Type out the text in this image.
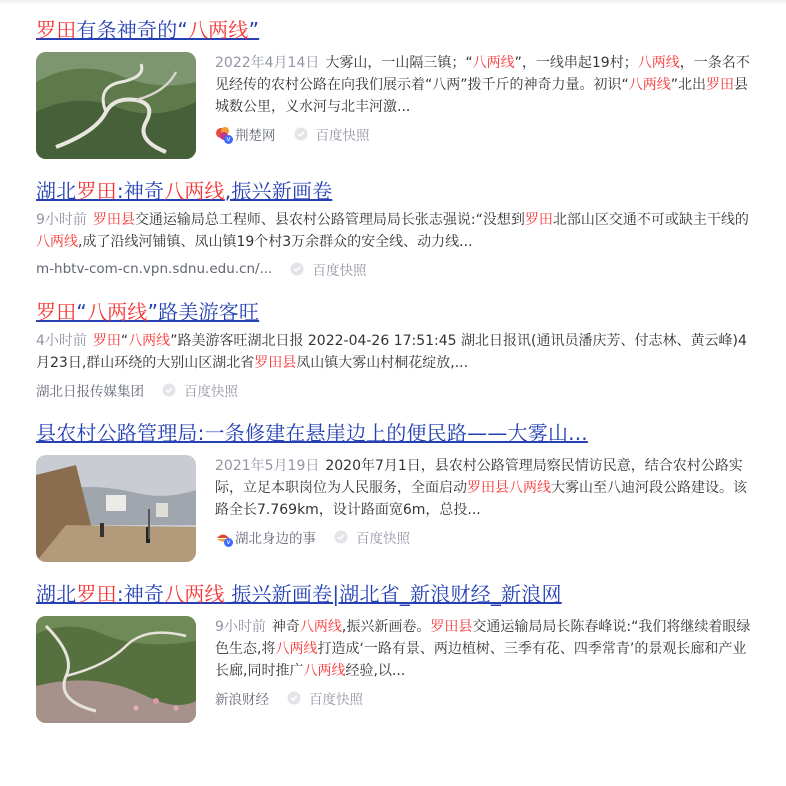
罗田有条神奇的“八两线”
2022年4月14日 大雾山，一山隔三镇；“八两线”，一线串起19村；八两线，一条名不见经传的农村公路在向我们展示着“八两”拨千斤的神奇力量。初识“八两线”北出罗田县城数公里，义水河与北丰河激...
v 荆楚网	百度快照
湖北罗田:神奇八两线,振兴新画卷
9小时前 罗田县交通运输局总工程师、县农村公路管理局局长张志强说:“没想到罗田北部山区交通不可或缺主干线的八两线,成了沿线河铺镇、凤山镇19个村3万余群众的安全线、动力线...
m-hbtv-com-cn.vpn.sdnu.edu.cn/...	百度快照
罗田“八两线”路美游客旺
4小时前 罗田“八两线”路美游客旺湖北日报 2022-04-26 17:51:45 湖北日报讯(通讯员潘庆芳、付志林、黄云峰)4月23日,群山环绕的大别山区湖北省罗田县凤山镇大雾山村桐花绽放,...
湖北日报传媒集团	百度快照
县农村公路管理局:一条修建在悬崖边上的便民路——大雾山...
2021年5月19日 2020年7月1日，县农村公路管理局察民情访民意，结合农村公路实际，立足本职岗位为人民服务，全面启动罗田县八两线大雾山至八迪河段公路建设。该路全长7.769km，设计路面宽6m，总投...
v 湖北身边的事	百度快照
湖北罗田:神奇八两线 振兴新画卷|湖北省_新浪财经_新浪网
9小时前 神奇八两线,振兴新画卷。罗田县交通运输局局长陈春峰说:“我们将继续着眼绿色生态,将八两线打造成‘一路有景、两边植树、三季有花、四季常青’的景观长廊和产业长廊,同时推广八两线经验,以...
新浪财经	百度快照
